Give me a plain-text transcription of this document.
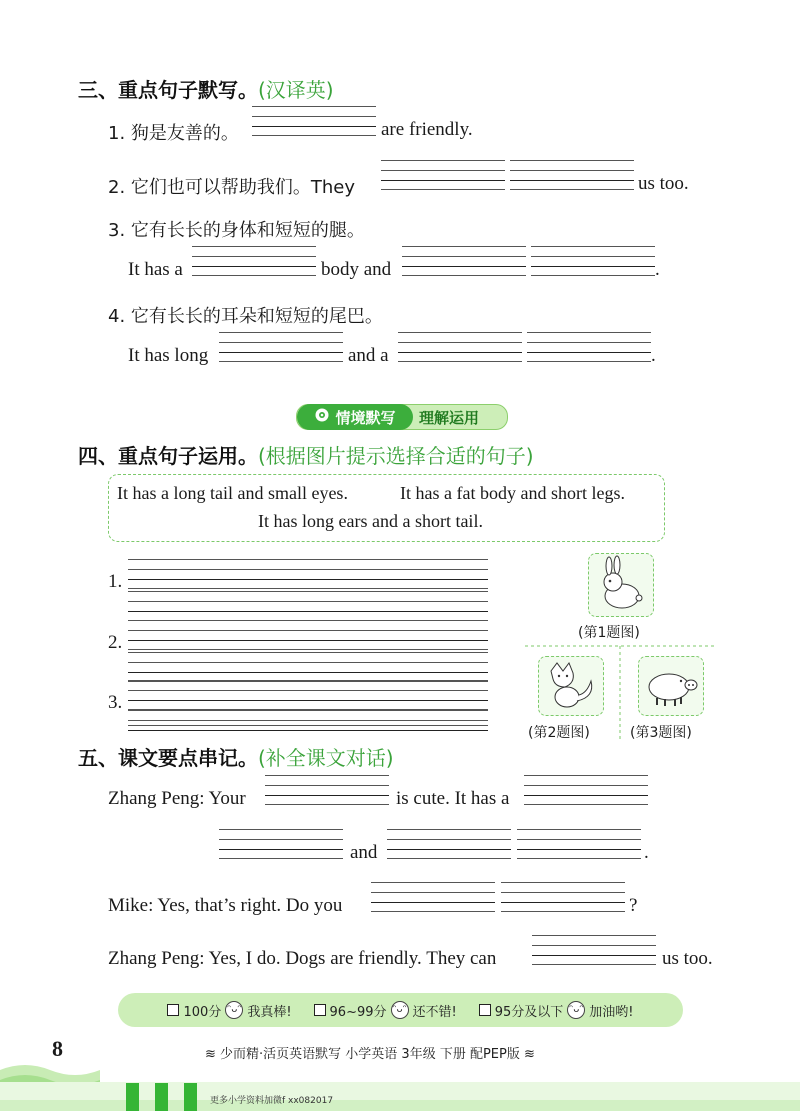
三、重点句子默写。(汉译英)
1. 狗是友善的。	are friendly.
2. 它们也可以帮助我们。They	us too.
3. 它有长长的身体和短短的腿。
It has a	body and	.
4. 它有长长的耳朵和短短的尾巴。
It has long	and a	.
情境默写 理解运用
四、重点句子运用。(根据图片提示选择合适的句子)
It has a long tail and small eyes.	It has a fat body and short legs.
It has long ears and a short tail.
1.
2.
3.
(第1题图)
(第2题图)	(第3题图)
五、课文要点串记。(补全课文对话)
Zhang Peng: Your	is cute. It has a
and	.
Mike: Yes, that’s right. Do you	?
Zhang Peng: Yes, I do. Dogs are friendly. They can	us too.
100分 ᵔᴗᵔ 我真棒!	96~99分 ᵔᴗᵔ 还不错!	95分及以下 ᵔᴗᵔ 加油哟!
8	≋ 少而精·活页英语默写 小学英语 3年级 下册 配PEP版 ≋
更多小学资料加微f xx082017
